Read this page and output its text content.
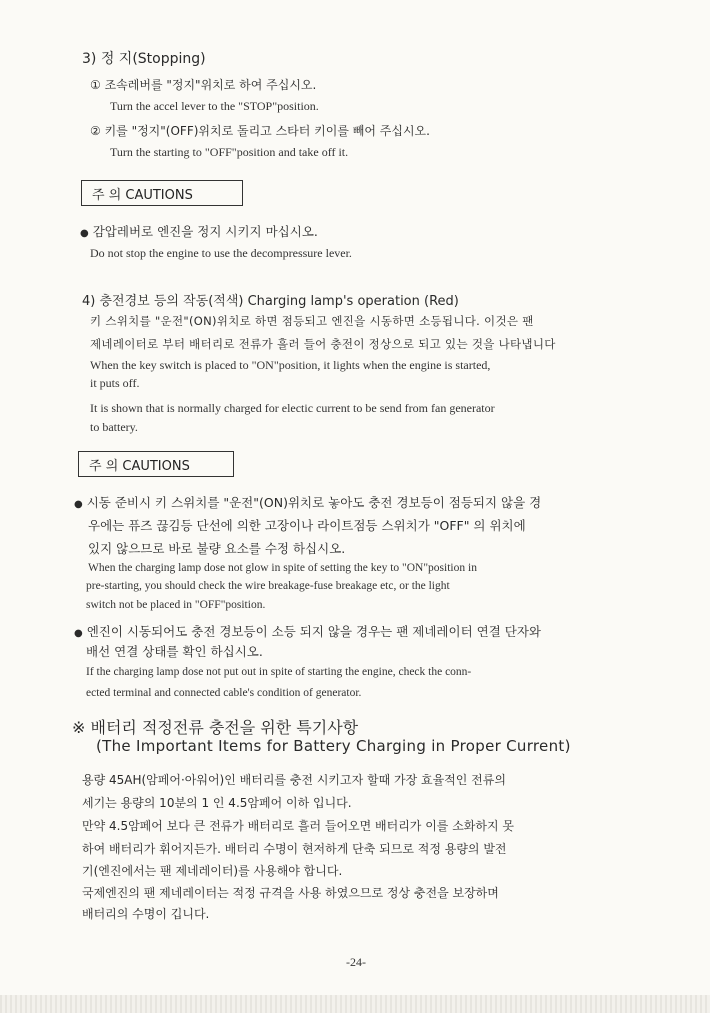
3) 정 지(Stopping)
① 조속레버를 "정지"위치로 하여 주십시오.
Turn the accel lever to the "STOP"position.
② 키를 "정지"(OFF)위치로 돌리고 스타터 키이를 빼어 주십시오.
Turn the starting to "OFF"position and take off it.
주 의 CAUTIONS
● 감압레버로 엔진을 정지 시키지 마십시오.
Do not stop the engine to use the decompressure lever.
4) 충전경보 등의 작동(적색) Charging lamp's operation (Red)
키 스위치를 "운전"(ON)위치로 하면 점등되고 엔진을 시동하면 소등됩니다. 이것은 팬
제네레이터로 부터 배터리로 전류가 흘러 들어 충전이 정상으로 되고 있는 것을 나타냅니다
When the key switch is placed to "ON"position, it lights when the engine is started,
it puts off.
It is shown that is normally charged for electic current to be send from fan generator
to battery.
주 의 CAUTIONS
● 시동 준비시 키 스위치를 "운전"(ON)위치로 놓아도 충전 경보등이 점등되지 않을 경
우에는 퓨즈 끊김등 단선에 의한 고장이나 라이트점등 스위치가 "OFF" 의 위치에
있지 않으므로 바로 불량 요소를 수정 하십시오.
When the charging lamp dose not glow in spite of setting the key to "ON"position in
pre-starting, you should check the wire breakage-fuse breakage etc, or the light
switch not be placed in "OFF"position.
● 엔진이 시동되어도 충전 경보등이 소등 되지 않을 경우는 팬 제네레이터 연결 단자와
배선 연결 상태를 확인 하십시오.
If the charging lamp dose not put out in spite of starting the engine, check the conn-
ected terminal and connected cable's condition of generator.
※ 배터리 적정전류 충전을 위한 특기사항
(The Important Items for Battery Charging in Proper Current)
용량 45AH(암페어·아워어)인 배터리를 충전 시키고자 할때 가장 효율적인 전류의
세기는 용량의 10분의 1 인 4.5암페어 이하 입니다.
만약 4.5암페어 보다 큰 전류가 배터리로 흘러 들어오면 배터리가 이를 소화하지 못
하여 배터리가 휘어지든가. 배터리 수명이 현저하게 단축 되므로 적정 용량의 발전
기(엔진에서는 팬 제네레이터)를 사용해야 합니다.
국제엔진의 팬 제네레이터는 적정 규격을 사용 하였으므로 정상 충전을 보장하며
배터리의 수명이 깁니다.
-24-
